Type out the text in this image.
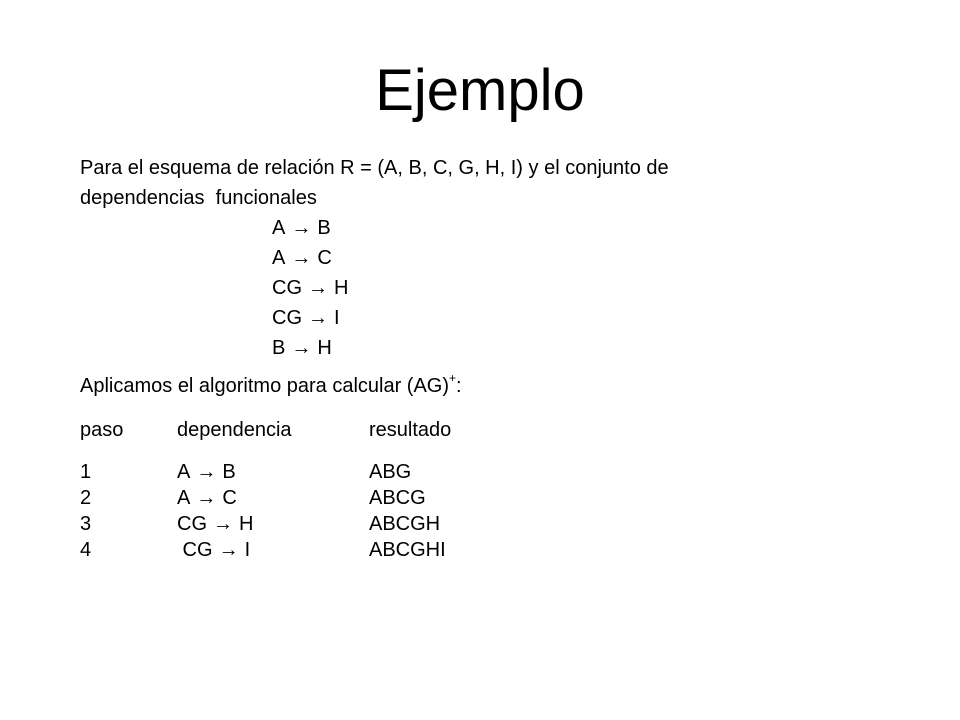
Ejemplo
Para el esquema de relación R = (A, B, C, G, H, I) y el conjunto de
dependencias  funcionales
A → B
A → C
CG → H
CG → I
B → H
Aplicamos el algoritmo para calcular (AG)+:
paso	dependencia	resultado
1
2
3
4
A → B
A → C
CG → H
CG → I
ABG
ABCG
ABCGH
ABCGHI
